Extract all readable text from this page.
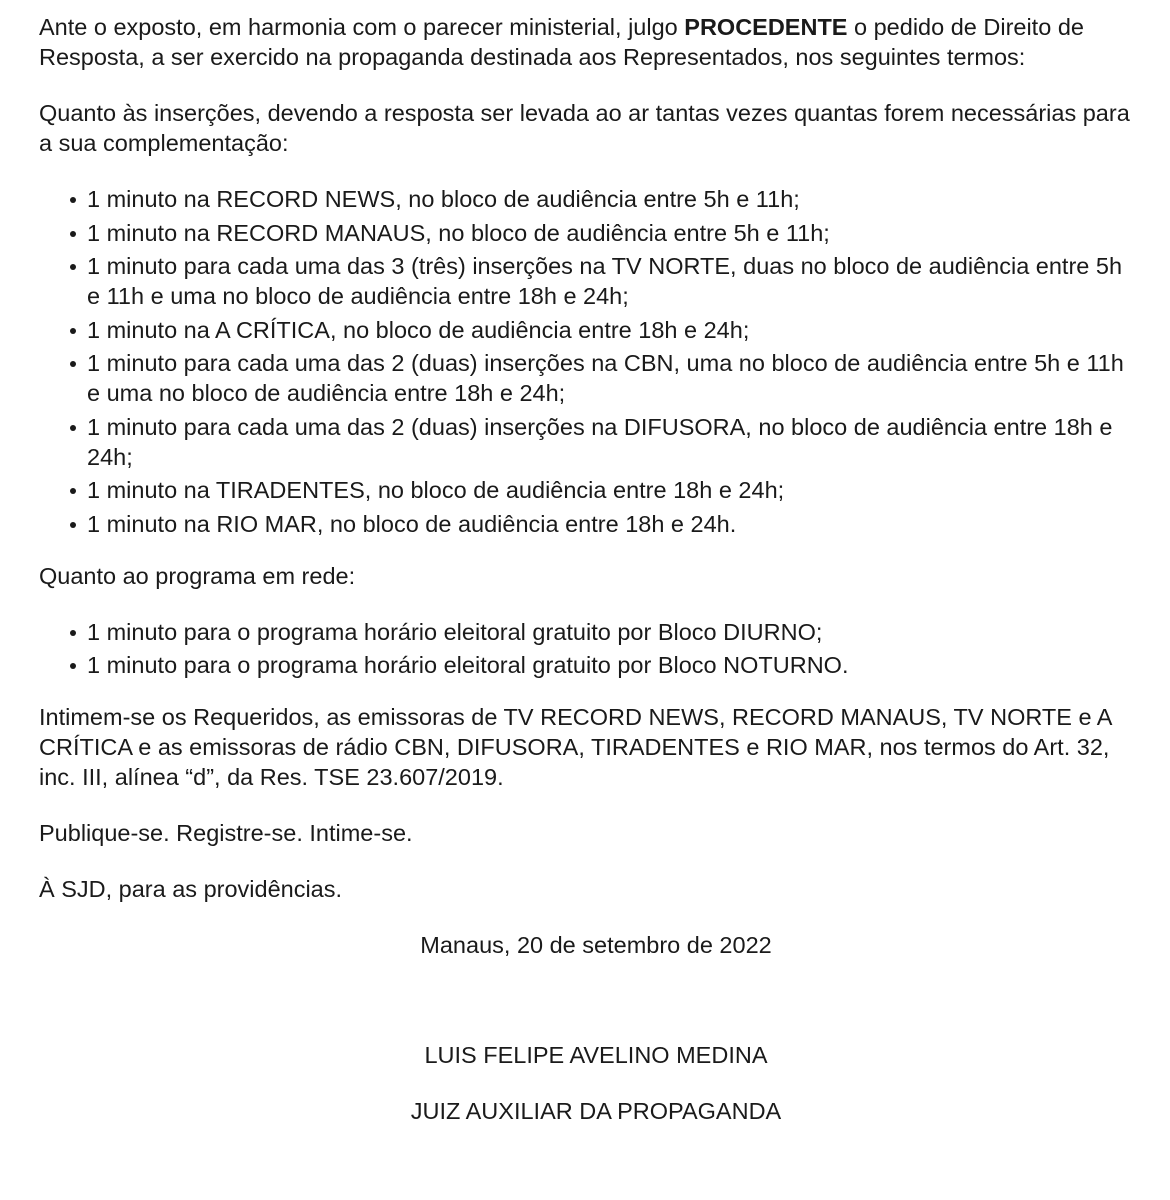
Ante o exposto, em harmonia com o parecer ministerial, julgo PROCEDENTE o pedido de Direito de Resposta, a ser exercido na propaganda destinada aos Representados, nos seguintes termos:

Quanto às inserções, devendo a resposta ser levada ao ar tantas vezes quantas forem necessárias para a sua complementação:

1 minuto na RECORD NEWS, no bloco de audiência entre 5h e 11h;
1 minuto na RECORD MANAUS, no bloco de audiência entre 5h e 11h;
1 minuto para cada uma das 3 (três) inserções na TV NORTE, duas no bloco de audiência entre 5h e 11h e uma no bloco de audiência entre 18h e 24h;
1 minuto na A CRÍTICA, no bloco de audiência entre 18h e 24h;
1 minuto para cada uma das 2 (duas) inserções na CBN, uma no bloco de audiência entre 5h e 11h e uma no bloco de audiência entre 18h e 24h;
1 minuto para cada uma das 2 (duas) inserções na DIFUSORA, no bloco de audiência entre 18h e 24h;
1 minuto na TIRADENTES, no bloco de audiência entre 18h e 24h;
1 minuto na RIO MAR, no bloco de audiência entre 18h e 24h.

Quanto ao programa em rede:

1 minuto para o programa horário eleitoral gratuito por Bloco DIURNO;
1 minuto para o programa horário eleitoral gratuito por Bloco NOTURNO.

Intimem-se os Requeridos, as emissoras de TV RECORD NEWS, RECORD MANAUS, TV NORTE e A CRÍTICA e as emissoras de rádio CBN, DIFUSORA, TIRADENTES e RIO MAR, nos termos do Art. 32, inc. III, alínea “d”, da Res. TSE 23.607/2019.

Publique-se. Registre-se. Intime-se.

À SJD, para as providências.

Manaus, 20 de setembro de 2022

LUIS FELIPE AVELINO MEDINA

JUIZ AUXILIAR DA PROPAGANDA
